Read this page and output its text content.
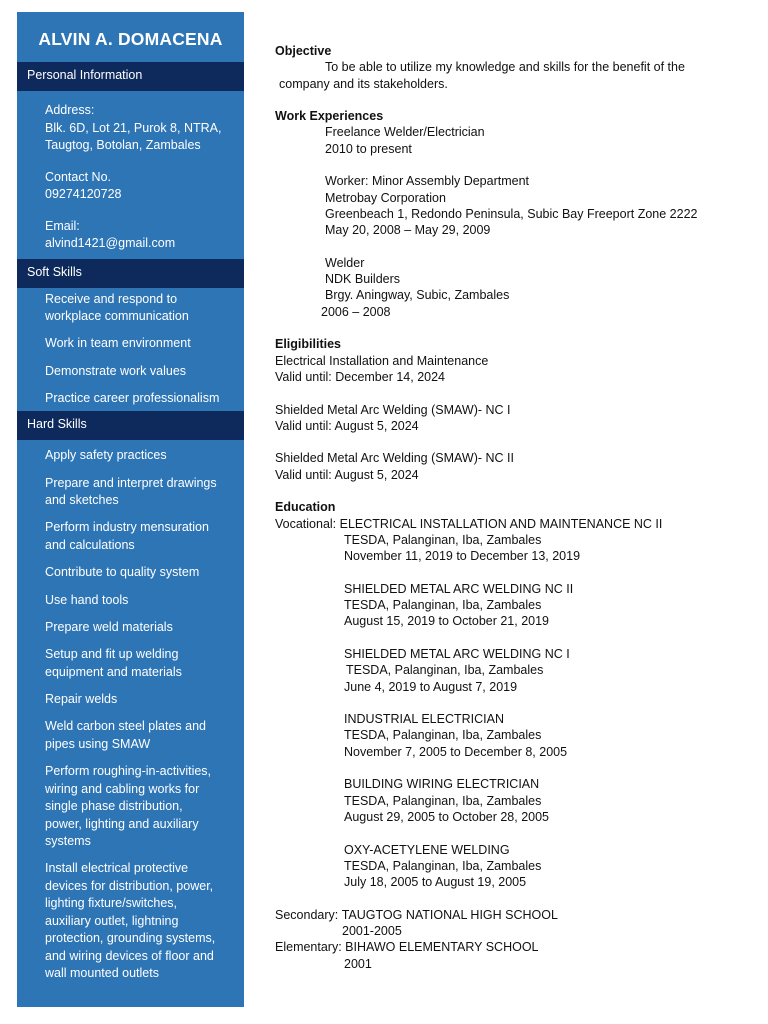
ALVIN A. DOMACENA
Personal Information

Address:

Blk. 6D, Lot 21, Purok 8, NTRA,

Taugtog, Botolan, Zambales

Contact No.

09274120728

Email:

alvind1421@gmail.com

Soft Skills

Receive and respond to

workplace communication

Work in team environment

Demonstrate work values

Practice career professionalism

Hard Skills

Apply safety practices

Prepare and interpret drawings

and sketches

Perform industry mensuration

and calculations

Contribute to quality system

Use hand tools

Prepare weld materials

Setup and fit up welding

equipment and materials

Repair welds

Weld carbon steel plates and

pipes using SMAW

Perform roughing-in-activities,

wiring and cabling works for

single phase distribution,

power, lighting and auxiliary

systems

Install electrical protective

devices for distribution, power,

lighting fixture/switches,

auxiliary outlet, lightning

protection, grounding systems,

and wiring devices of floor and

wall mounted outlets

Objective

To be able to utilize my knowledge and skills for the benefit of the

company and its stakeholders.

Work Experiences

Freelance Welder/Electrician

2010 to present

Worker: Minor Assembly Department

Metrobay Corporation

Greenbeach 1, Redondo Peninsula, Subic Bay Freeport Zone 2222

May 20, 2008 – May 29, 2009

Welder

NDK Builders

Brgy. Aningway, Subic, Zambales

2006 – 2008

Eligibilities

Electrical Installation and Maintenance

Valid until: December 14, 2024

Shielded Metal Arc Welding (SMAW)- NC I

Valid until: August 5, 2024

Shielded Metal Arc Welding (SMAW)- NC II

Valid until: August 5, 2024

Education

Vocational: ELECTRICAL INSTALLATION AND MAINTENANCE NC II

TESDA, Palanginan, Iba, Zambales

November 11, 2019 to December 13, 2019

SHIELDED METAL ARC WELDING NC II

TESDA, Palanginan, Iba, Zambales

August 15, 2019 to October 21, 2019

SHIELDED METAL ARC WELDING NC I

TESDA, Palanginan, Iba, Zambales

June 4, 2019 to August 7, 2019

INDUSTRIAL ELECTRICIAN

TESDA, Palanginan, Iba, Zambales

November 7, 2005 to December 8, 2005

BUILDING WIRING ELECTRICIAN

TESDA, Palanginan, Iba, Zambales

August 29, 2005 to October 28, 2005

OXY-ACETYLENE WELDING

TESDA, Palanginan, Iba, Zambales

July 18, 2005 to August 19, 2005

Secondary: TAUGTOG NATIONAL HIGH SCHOOL

2001-2005

Elementary: BIHAWO ELEMENTARY SCHOOL

2001
